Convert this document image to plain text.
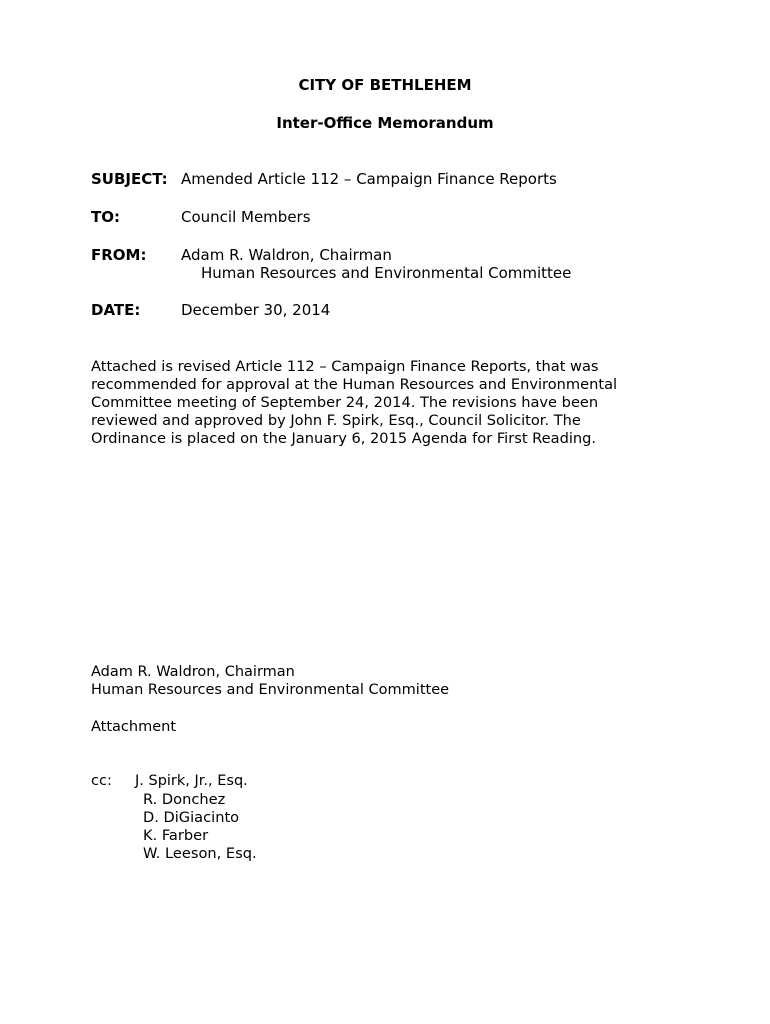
CITY OF BETHLEHEM
Inter-Office Memorandum
SUBJECT: Amended Article 112 – Campaign Finance Reports
TO:	Council Members
FROM: Adam R. Waldron, Chairman
Human Resources and Environmental Committee
DATE:	December 30, 2014
Attached is revised Article 112 – Campaign Finance Reports, that was
recommended for approval at the Human Resources and Environmental
Committee meeting of September 24, 2014. The revisions have been
reviewed and approved by John F. Spirk, Esq., Council Solicitor. The
Ordinance is placed on the January 6, 2015 Agenda for First Reading.
Adam R. Waldron, Chairman
Human Resources and Environmental Committee
Attachment
cc: J. Spirk, Jr., Esq.
R. Donchez
D. DiGiacinto
K. Farber
W. Leeson, Esq.
